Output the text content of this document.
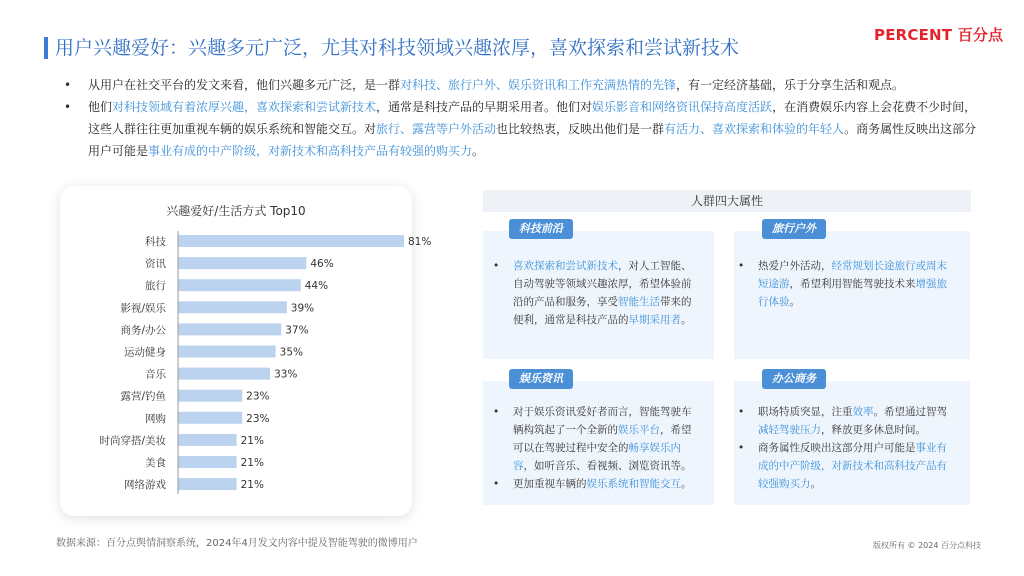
用户兴趣爱好：兴趣多元广泛，尤其对科技领域兴趣浓厚，喜欢探索和尝试新技术
PERCENT 百分点
• 从用户在社交平台的发文来看，他们兴趣多元广泛，是一群对科技、旅行户外、娱乐资讯和工作充满热情的先锋，有一定经济基础，乐于分享生活和观点。
• 他们对科技领域有着浓厚兴趣，喜欢探索和尝试新技术，通常是科技产品的早期采用者。他们对娱乐影音和网络资讯保持高度活跃，在消费娱乐内容上会花费不少时间，这些人群往往更加重视车辆的娱乐系统和智能交互。对旅行、露营等户外活动也比较热衷，反映出他们是一群有活力、喜欢探索和体验的年轻人。商务属性反映出这部分用户可能是事业有成的中产阶级，对新技术和高科技产品有较强的购买力。
兴趣爱好/生活方式 Top10
科技	81%
资讯	46%
旅行	44%
影视/娱乐	39%
商务/办公	37%
运动健身	35%
音乐	33%
露营/钓鱼	23%
网购	23%
时尚穿搭/美妆	21%
美食	21%
网络游戏	21%
人群四大属性
科技前沿
• 喜欢探索和尝试新技术，对人工智能、自动驾驶等领域兴趣浓厚，希望体验前沿的产品和服务，享受智能生活带来的便利，通常是科技产品的早期采用者。
旅行户外
• 热爱户外活动，经常规划长途旅行或周末短途游，希望利用智能驾驶技术来增强旅行体验。
娱乐资讯
• 对于娱乐资讯爱好者而言，智能驾驶车辆构筑起了一个全新的娱乐平台，希望可以在驾驶过程中安全的畅享娱乐内容，如听音乐、看视频、浏览资讯等。
• 更加重视车辆的娱乐系统和智能交互。
办公商务
• 职场特质突显，注重效率。希望通过智驾减轻驾驶压力，释放更多休息时间。
• 商务属性反映出这部分用户可能是事业有成的中产阶级，对新技术和高科技产品有较强购买力。
数据来源：百分点舆情洞察系统，2024年4月发文内容中提及智能驾驶的微博用户	版权所有 © 2024 百分点科技
